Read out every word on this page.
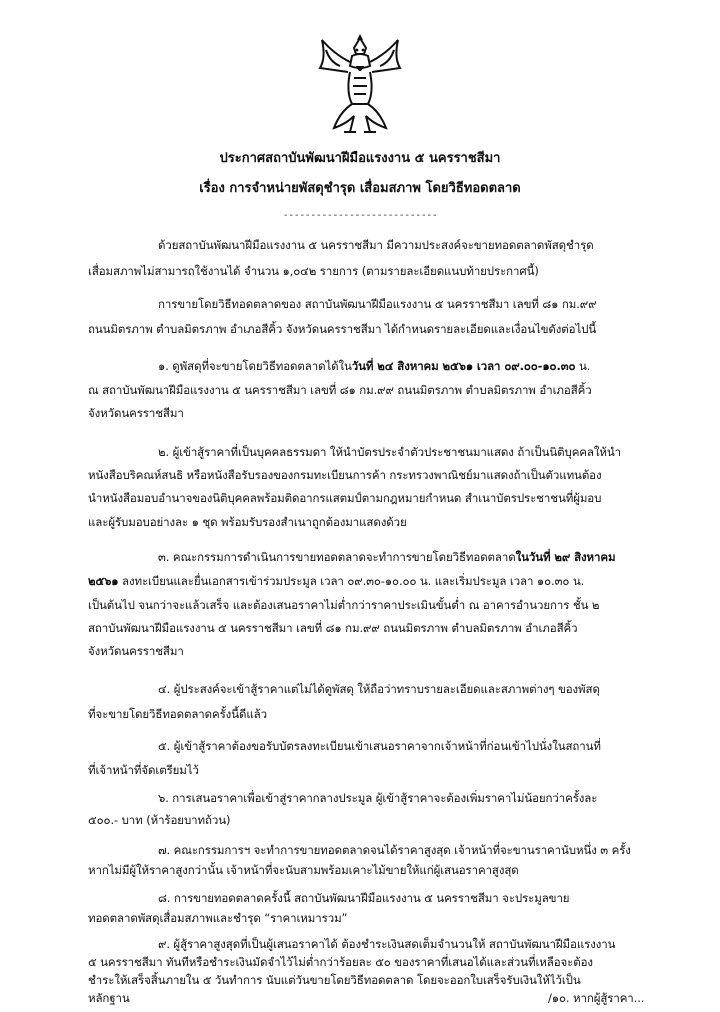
ประกาศสถาบันพัฒนาฝีมือแรงงาน ๕ นครราชสีมา
เรื่อง การจำหน่ายพัสดุชำรุด เสื่อมสภาพ โดยวิธีทอดตลาด
----------------------------
ด้วยสถาบันพัฒนาฝีมือแรงงาน ๕ นครราชสีมา มีความประสงค์จะขายทอดตลาดพัสดุชำรุด
เสื่อมสภาพไม่สามารถใช้งานได้ จำนวน ๑,๐๔๒ รายการ (ตามรายละเอียดแนบท้ายประกาศนี้)
การขายโดยวิธีทอดตลาดของ สถาบันพัฒนาฝีมือแรงงาน ๕ นครราชสีมา เลขที่ ๘๑ กม.๙๙
ถนนมิตรภาพ ตำบลมิตรภาพ อำเภอสีคิ้ว จังหวัดนครราชสีมา ได้กำหนดรายละเอียดและเงื่อนไขดังต่อไปนี้
๑. ดูพัสดุที่จะขายโดยวิธีทอดตลาดได้ในวันที่ ๒๔ สิงหาคม ๒๕๖๑ เวลา ๐๙.๐๐-๑๐.๓๐ น.
ณ สถาบันพัฒนาฝีมือแรงงาน ๕ นครราชสีมา เลขที่ ๘๑ กม.๙๙ ถนนมิตรภาพ ตำบลมิตรภาพ อำเภอสีคิ้ว
จังหวัดนครราชสีมา
๒. ผู้เข้าสู้ราคาที่เป็นบุคคลธรรมดา ให้นำบัตรประจำตัวประชาชนมาแสดง ถ้าเป็นนิติบุคคลให้นำ
หนังสือบริคณห์สนธิ หรือหนังสือรับรองของกรมทะเบียนการค้า กระทรวงพาณิชย์มาแสดงถ้าเป็นตัวแทนต้อง
นำหนังสือมอบอำนาจของนิติบุคคลพร้อมติดอากรแสตมป์ตามกฎหมายกำหนด สำเนาบัตรประชาชนที่ผู้มอบ
และผู้รับมอบอย่างละ ๑ ชุด พร้อมรับรองสำเนาถูกต้องมาแสดงด้วย
๓. คณะกรรมการดำเนินการขายทอดตลาดจะทำการขายโดยวิธีทอดตลาดในวันที่ ๒๙ สิงหาคม
๒๕๖๑ ลงทะเบียนและยื่นเอกสารเข้าร่วมประมูล เวลา ๐๙.๓๐-๑๐.๐๐ น. และเริ่มประมูล เวลา ๑๐.๓๐ น.
เป็นต้นไป จนกว่าจะแล้วเสร็จ และต้องเสนอราคาไม่ต่ำกว่าราคาประเมินขั้นต่ำ ณ อาคารอำนวยการ ชั้น ๒
สถาบันพัฒนาฝีมือแรงงาน ๕ นครราชสีมา เลขที่ ๘๑ กม.๙๙ ถนนมิตรภาพ ตำบลมิตรภาพ อำเภอสีคิ้ว
จังหวัดนครราชสีมา
๔. ผู้ประสงค์จะเข้าสู้ราคาแต่ไม่ได้ดูพัสดุ ให้ถือว่าทราบรายละเอียดและสภาพต่างๆ ของพัสดุ
ที่จะขายโดยวิธีทอดตลาดครั้งนี้ดีแล้ว
๕. ผู้เข้าสู้ราคาต้องขอรับบัตรลงทะเบียนเข้าเสนอราคาจากเจ้าหน้าที่ก่อนเข้าไปนั่งในสถานที่
ที่เจ้าหน้าที่จัดเตรียมไว้
๖. การเสนอราคาเพื่อเข้าสู่ราคากลางประมูล ผู้เข้าสู้ราคาจะต้องเพิ่มราคาไม่น้อยกว่าครั้งละ
๕๐๐.- บาท (ห้าร้อยบาทถ้วน)
๗. คณะกรรมการฯ จะทำการขายทอดตลาดจนได้ราคาสูงสุด เจ้าหน้าที่จะขานราคานับหนึ่ง ๓ ครั้ง
หากไม่มีผู้ให้ราคาสูงกว่านั้น เจ้าหน้าที่จะนับสามพร้อมเคาะไม้ขายให้แก่ผู้เสนอราคาสูงสุด
๘. การขายทอดตลาดครั้งนี้ สถาบันพัฒนาฝีมือแรงงาน ๕ นครราชสีมา จะประมูลขาย
ทอดตลาดพัสดุเสื่อมสภาพและชำรุด “ราคาเหมารวม”
๙. ผู้สู้ราคาสูงสุดที่เป็นผู้เสนอราคาได้ ต้องชำระเงินสดเต็มจำนวนให้ สถาบันพัฒนาฝีมือแรงงาน
๕ นครราชสีมา ทันทีหรือชำระเงินมัดจำไว้ไม่ต่ำกว่าร้อยละ ๕๐ ของราคาที่เสนอได้และส่วนที่เหลือจะต้อง
ชำระให้เสร็จสิ้นภายใน ๕ วันทำการ นับแต่วันขายโดยวิธีทอดตลาด โดยจะออกใบเสร็จรับเงินให้ไว้เป็น
หลักฐาน	/๑๐. หากผู้สู้ราคา...
